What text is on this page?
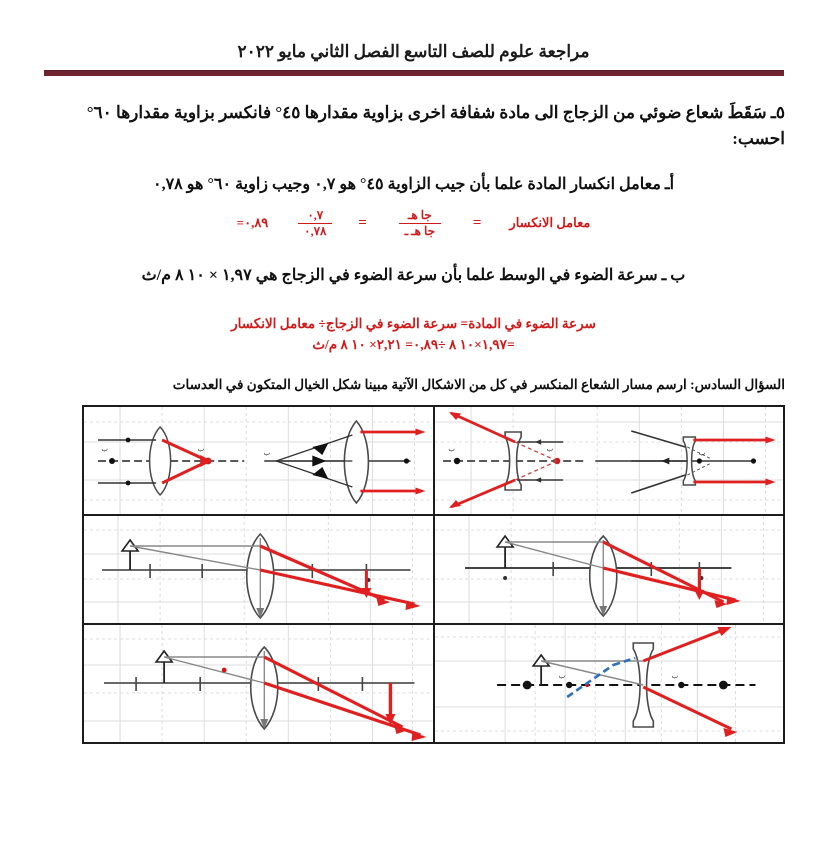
مراجعة علوم للصف التاسع الفصل الثاني مايو ٢٠٢٢
٥ـ سَقَطَ شعاع ضوئي من الزجاج الى مادة شفافة اخرى بزاوية مقدارها ٤٥° فانكسر بزاوية مقدارها ٦٠° احسب:
أـ معامل انكسار المادة علما بأن جيب الزاوية ٤٥° هو ٠,٧ وجيب زاوية ٦٠° هو ٠,٧٨
معامل الانكسار
=
$\frac{\text{جا هـ}}{\text{جا هـ ـ}}$
=
$\frac{٠,٧}{٠,٧٨}$
٠,٨٩=
ب ـ سرعة الضوء في الوسط علما بأن سرعة الضوء في الزجاج هي ١,٩٧ × ١٠ ٨ م/ث
سرعة الضوء في المادة= سرعة الضوء في الزجاج÷ معامل الانكسار
=١,٩٧×١٠ ٨ ÷٠,٨٩= ٢,٢١× ١٠ ٨ م/ث
السؤال السادس: ارسم مسار الشعاع المنكسر في كل من الاشكال الآتية مبينا شكل الخيال المتكون في العدسات
ب ب
ب	ب ب
ب

ب ب
